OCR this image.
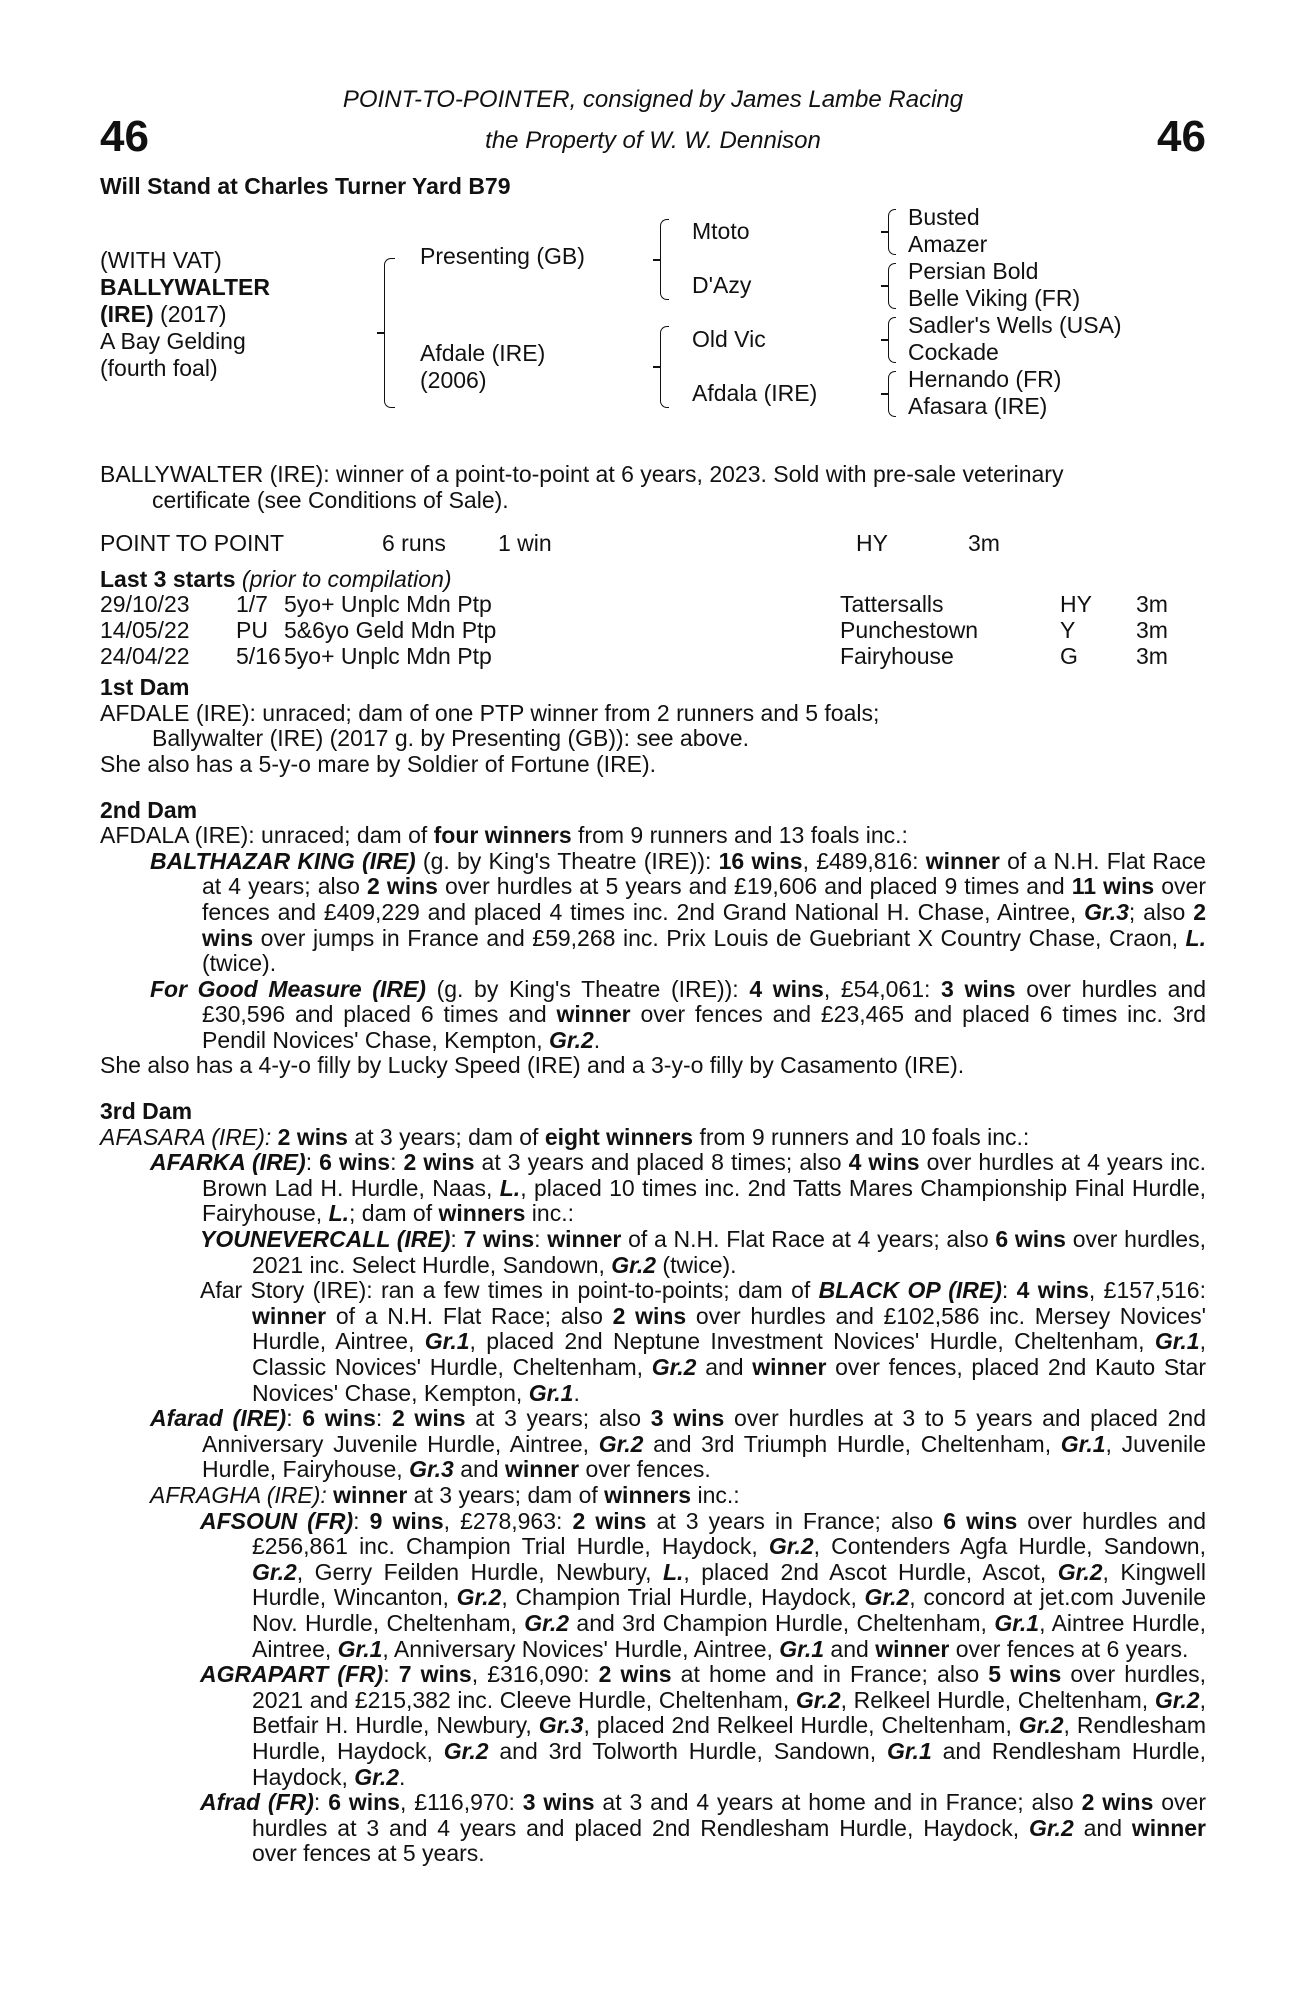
46	46
POINT-TO-POINTER, consigned by James Lambe Racing
the Property of W. W. Dennison
Will Stand at Charles Turner Yard B79
(WITH VAT)
BALLYWALTER
(IRE) (2017)
A Bay Gelding
(fourth foal)
Presenting (GB)
Afdale (IRE)
(2006)
Mtoto
D'Azy
Old Vic
Afdala (IRE)
Busted
Amazer
Persian Bold
Belle Viking (FR)
Sadler's Wells (USA)
Cockade
Hernando (FR)
Afasara (IRE)

BALLYWALTER (IRE): winner of a point-to-point at 6 years, 2023. Sold with pre-sale veterinary

certificate (see Conditions of Sale).

POINT TO POINT	6 runs	1 win	HY	3m

Last 3 starts (prior to compilation)

29/10/23	1/7	5yo+ Unplc Mdn Ptp	Tattersalls	HY	3m
14/05/22	PU	5&6yo Geld Mdn Ptp	Punchestown	Y	3m
24/04/22	5/16	5yo+ Unplc Mdn Ptp	Fairyhouse	G	3m

1st Dam

AFDALE (IRE): unraced; dam of one PTP winner from 2 runners and 5 foals;

Ballywalter (IRE) (2017 g. by Presenting (GB)): see above.

She also has a 5-y-o mare by Soldier of Fortune (IRE).

2nd Dam

AFDALA (IRE): unraced; dam of four winners from 9 runners and 13 foals inc.:

BALTHAZAR KING (IRE) (g. by King's Theatre (IRE)): 16 wins, £489,816: winner of a N.H. Flat Race at 4 years; also 2 wins over hurdles at 5 years and £19,606 and placed 9 times and 11 wins over fences and £409,229 and placed 4 times inc. 2nd Grand National H. Chase, Aintree, Gr.3; also 2 wins over jumps in France and £59,268 inc. Prix Louis de Guebriant X Country Chase, Craon, L. (twice).

For Good Measure (IRE) (g. by King's Theatre (IRE)): 4 wins, £54,061: 3 wins over hurdles and £30,596 and placed 6 times and winner over fences and £23,465 and placed 6 times inc. 3rd Pendil Novices' Chase, Kempton, Gr.2.

She also has a 4-y-o filly by Lucky Speed (IRE) and a 3-y-o filly by Casamento (IRE).

3rd Dam

AFASARA (IRE): 2 wins at 3 years; dam of eight winners from 9 runners and 10 foals inc.:

AFARKA (IRE): 6 wins: 2 wins at 3 years and placed 8 times; also 4 wins over hurdles at 4 years inc. Brown Lad H. Hurdle, Naas, L., placed 10 times inc. 2nd Tatts Mares Championship Final Hurdle, Fairyhouse, L.; dam of winners inc.:

YOUNEVERCALL (IRE): 7 wins: winner of a N.H. Flat Race at 4 years; also 6 wins over hurdles, 2021 inc. Select Hurdle, Sandown, Gr.2 (twice).

Afar Story (IRE): ran a few times in point-to-points; dam of BLACK OP (IRE): 4 wins, £157,516: winner of a N.H. Flat Race; also 2 wins over hurdles and £102,586 inc. Mersey Novices' Hurdle, Aintree, Gr.1, placed 2nd Neptune Investment Novices' Hurdle, Cheltenham, Gr.1, Classic Novices' Hurdle, Cheltenham, Gr.2 and winner over fences, placed 2nd Kauto Star Novices' Chase, Kempton, Gr.1.

Afarad (IRE): 6 wins: 2 wins at 3 years; also 3 wins over hurdles at 3 to 5 years and placed 2nd Anniversary Juvenile Hurdle, Aintree, Gr.2 and 3rd Triumph Hurdle, Cheltenham, Gr.1, Juvenile Hurdle, Fairyhouse, Gr.3 and winner over fences.

AFRAGHA (IRE): winner at 3 years; dam of winners inc.:

AFSOUN (FR): 9 wins, £278,963: 2 wins at 3 years in France; also 6 wins over hurdles and £256,861 inc. Champion Trial Hurdle, Haydock, Gr.2, Contenders Agfa Hurdle, Sandown, Gr.2, Gerry Feilden Hurdle, Newbury, L., placed 2nd Ascot Hurdle, Ascot, Gr.2, Kingwell Hurdle, Wincanton, Gr.2, Champion Trial Hurdle, Haydock, Gr.2, concord at jet.com Juvenile Nov. Hurdle, Cheltenham, Gr.2 and 3rd Champion Hurdle, Cheltenham, Gr.1, Aintree Hurdle, Aintree, Gr.1, Anniversary Novices' Hurdle, Aintree, Gr.1 and winner over fences at 6 years.

AGRAPART (FR): 7 wins, £316,090: 2 wins at home and in France; also 5 wins over hurdles, 2021 and £215,382 inc. Cleeve Hurdle, Cheltenham, Gr.2, Relkeel Hurdle, Cheltenham, Gr.2, Betfair H. Hurdle, Newbury, Gr.3, placed 2nd Relkeel Hurdle, Cheltenham, Gr.2, Rendlesham Hurdle, Haydock, Gr.2 and 3rd Tolworth Hurdle, Sandown, Gr.1 and Rendlesham Hurdle, Haydock, Gr.2.

Afrad (FR): 6 wins, £116,970: 3 wins at 3 and 4 years at home and in France; also 2 wins over hurdles at 3 and 4 years and placed 2nd Rendlesham Hurdle, Haydock, Gr.2 and winner over fences at 5 years.
